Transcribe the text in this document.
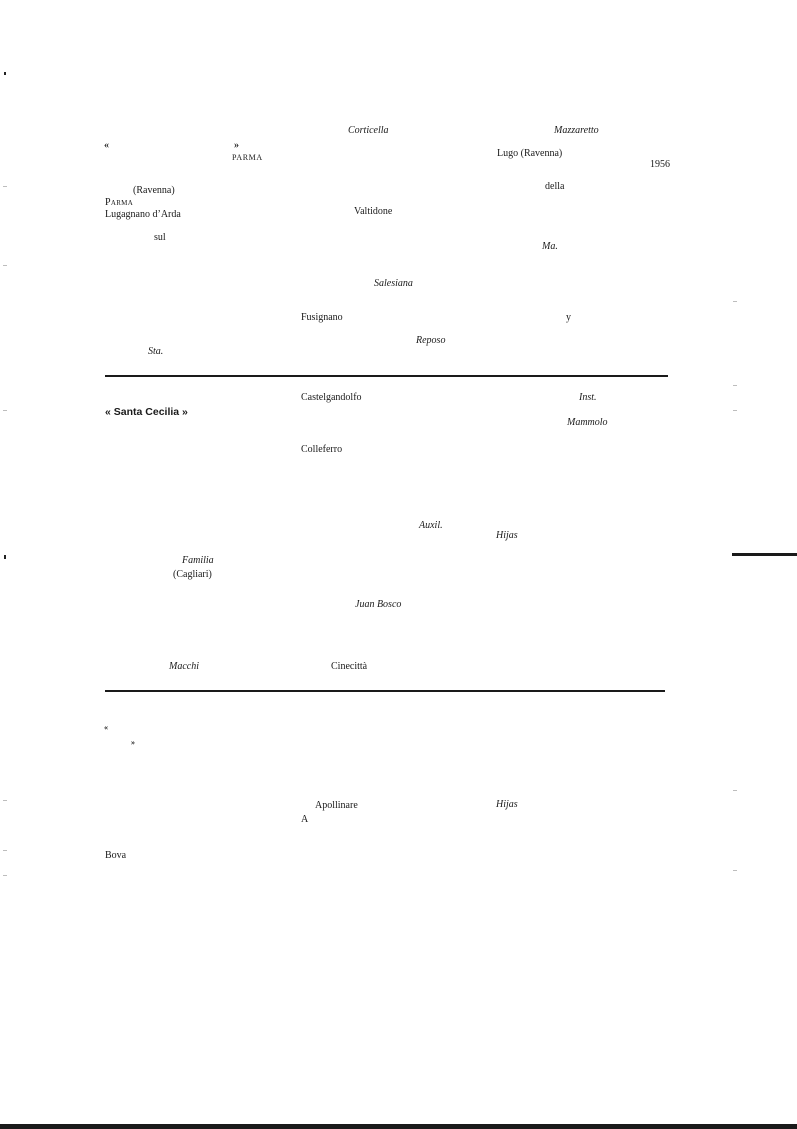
Corticella	Mazzaretto
«	»
PARMA	Lugo (Ravenna)
1956
(Ravenna)	della
Parma
Lugagnano d’Arda	Valtidone
sul
Ma.
Salesiana
Fusignano	y
Reposo
Sta.
Castelgandolfo	Inst.
« Santa Cecilia »
Mammolo
Colleferro
Auxil.
Hijas
Familia
(Cagliari)
Juan Bosco
Macchi	Cinecittà
«
»
Apollinare	Hijas
A
Bova
